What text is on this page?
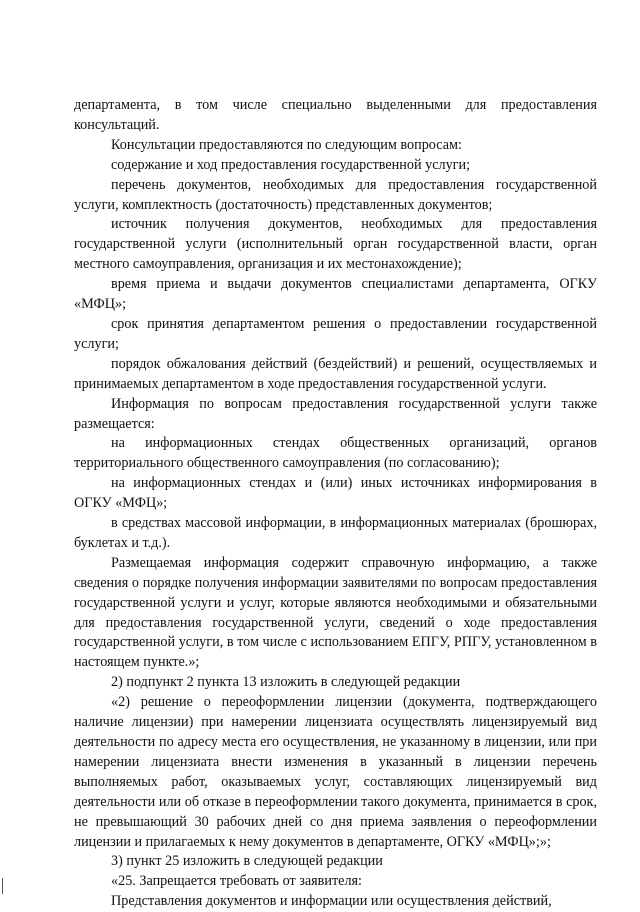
департамента, в том числе специально выделенными для предоставления консультаций.

Консультации предоставляются по следующим вопросам:

содержание и ход предоставления государственной услуги;

перечень документов, необходимых для предоставления государственной услуги, комплектность (достаточность) представленных документов;

источник получения документов, необходимых для предоставления государственной услуги (исполнительный орган государственной власти, орган местного самоуправления, организация и их местонахождение);

время приема и выдачи документов специалистами департамента, ОГКУ «МФЦ»;

срок принятия департаментом решения о предоставлении государственной услуги;

порядок обжалования действий (бездействий) и решений, осуществляемых и принимаемых департаментом в ходе предоставления государственной услуги.

Информация по вопросам предоставления государственной услуги также размещается:

на информационных стендах общественных организаций, органов территориального общественного самоуправления (по согласованию);

на информационных стендах и (или) иных источниках информирования в ОГКУ «МФЦ»;

в средствах массовой информации, в информационных материалах (брошюрах, буклетах и т.д.).

Размещаемая информация содержит справочную информацию, а также сведения о порядке получения информации заявителями по вопросам предоставления государственной услуги и услуг, которые являются необходимыми и обязательными для предоставления государственной услуги, сведений о ходе предоставления государственной услуги, в том числе с использованием ЕПГУ, РПГУ, установленном в настоящем пункте.»;

2) подпункт 2 пункта 13 изложить в следующей редакции

«2) решение о переоформлении лицензии (документа, подтверждающего наличие лицензии) при намерении лицензиата осуществлять лицензируемый вид деятельности по адресу места его осуществления, не указанному в лицензии, или при намерении лицензиата внести изменения в указанный в лицензии перечень выполняемых работ, оказываемых услуг, составляющих лицензируемый вид деятельности или об отказе в переоформлении такого документа, принимается в срок, не превышающий 30 рабочих дней со дня приема заявления о переоформлении лицензии и прилагаемых к нему документов в департаменте, ОГКУ «МФЦ»;»;

3) пункт 25 изложить в следующей редакции

«25. Запрещается требовать от заявителя:

Представления документов и информации или осуществления действий,
